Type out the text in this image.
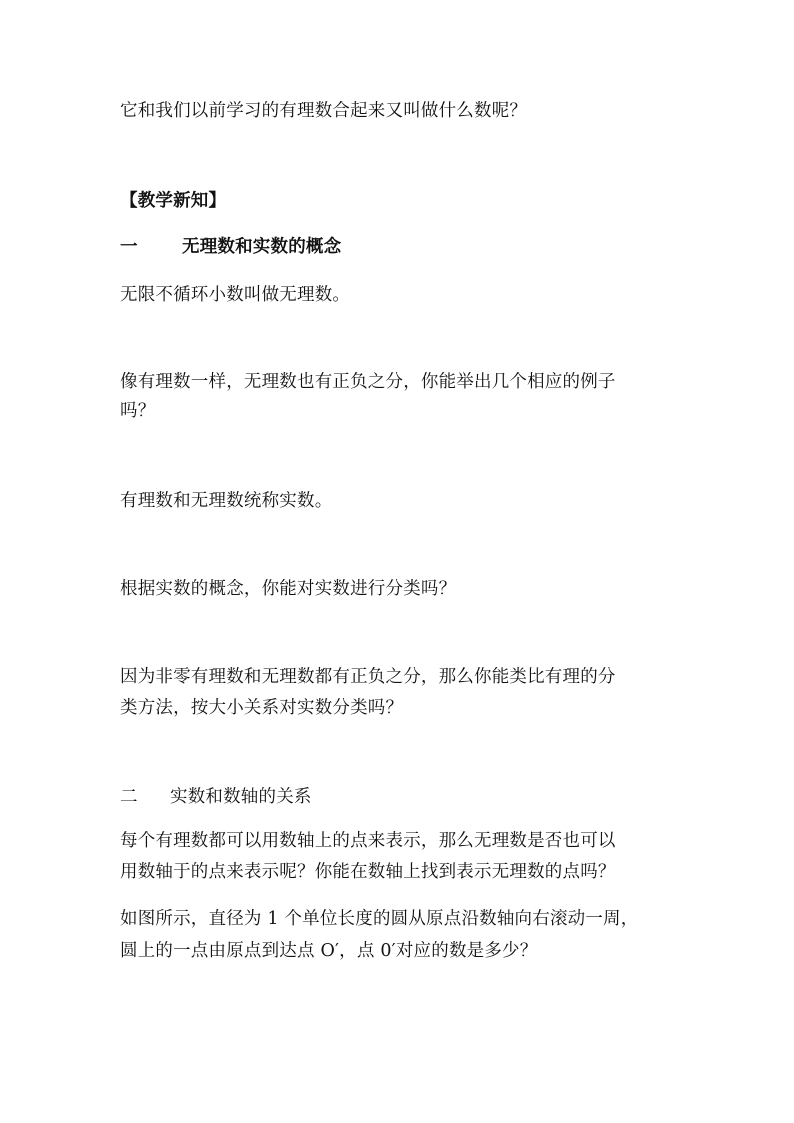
它和我们以前学习的有理数合起来又叫做什么数呢？
【教学新知】
一	无理数和实数的概念
无限不循环小数叫做无理数。
像有理数一样，无理数也有正负之分，你能举出几个相应的例子
吗？
有理数和无理数统称实数。
根据实数的概念，你能对实数进行分类吗？
因为非零有理数和无理数都有正负之分，那么你能类比有理的分
类方法，按大小关系对实数分类吗？
二 实数和数轴的关系
每个有理数都可以用数轴上的点来表示，那么无理数是否也可以
用数轴于的点来表示呢？你能在数轴上找到表示无理数的点吗？
如图所示，直径为 1 个单位长度的圆从原点沿数轴向右滚动一周，
圆上的一点由原点到达点 O′，点 0′对应的数是多少？
